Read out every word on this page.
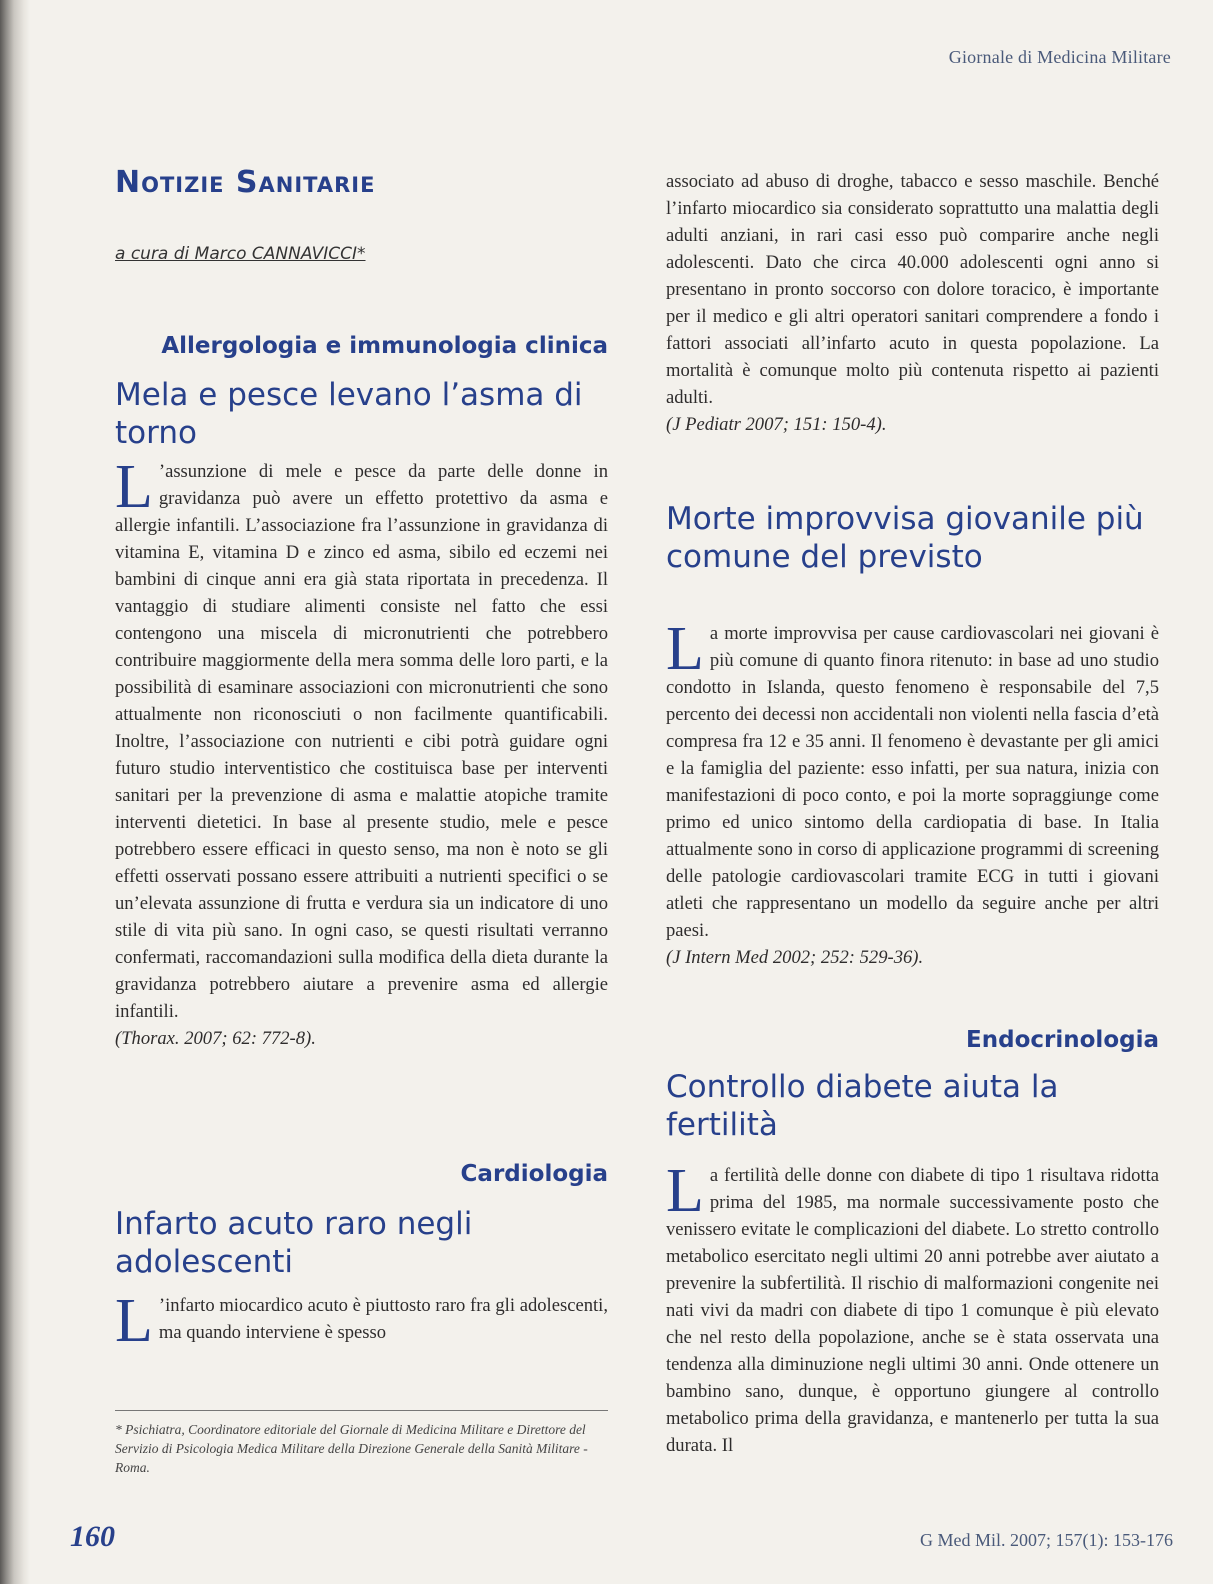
Giornale di Medicina Militare
Notizie Sanitarie
a cura di Marco CANNAVICCI*
Allergologia e immunologia clinica
Mela e pesce levano l’asma di torno

L ’assunzione di mele e pesce da parte delle donne in gravidanza può avere un effetto protettivo da asma e allergie infantili. L’associazione fra l’assunzione in gravidanza di vitamina E, vitamina D e zinco ed asma, sibilo ed eczemi nei bambini di cinque anni era già stata riportata in precedenza. Il vantaggio di studiare alimenti consiste nel fatto che essi contengono una miscela di micronutrienti che potrebbero contribuire maggiormente della mera somma delle loro parti, e la possibilità di esaminare associazioni con micronutrienti che sono attualmente non riconosciuti o non facilmente quantificabili. Inoltre, l’associazione con nutrienti e cibi potrà guidare ogni futuro studio interventistico che costituisca base per interventi sanitari per la prevenzione di asma e malattie atopiche tramite interventi dietetici. In base al presente studio, mele e pesce potrebbero essere efficaci in questo senso, ma non è noto se gli effetti osservati possano essere attribuiti a nutrienti specifici o se un’elevata assunzione di frutta e verdura sia un indicatore di uno stile di vita più sano. In ogni caso, se questi risultati verranno confermati, raccomandazioni sulla modifica della dieta durante la gravidanza potrebbero aiutare a prevenire asma ed allergie infantili.
(Thorax. 2007; 62: 772-8).

Cardiologia
Infarto acuto raro negli adolescenti

L ’infarto miocardico acuto è piuttosto raro fra gli adolescenti, ma quando interviene è spesso

* Psichiatra, Coordinatore editoriale del Giornale di Medicina Militare e Direttore del Servizio di Psicologia Medica Militare della Direzione Generale della Sanità Militare - Roma.

associato ad abuso di droghe, tabacco e sesso maschile. Benché l’infarto miocardico sia considerato soprattutto una malattia degli adulti anziani, in rari casi esso può comparire anche negli adolescenti. Dato che circa 40.000 adolescenti ogni anno si presentano in pronto soccorso con dolore toracico, è importante per il medico e gli altri operatori sanitari comprendere a fondo i fattori associati all’infarto acuto in questa popolazione. La mortalità è comunque molto più contenuta rispetto ai pazienti adulti.
(J Pediatr 2007; 151: 150-4).

Morte improvvisa giovanile più comune del previsto

La morte improvvisa per cause cardiovascolari nei giovani è più comune di quanto finora ritenuto: in base ad uno studio condotto in Islanda, questo fenomeno è responsabile del 7,5 percento dei decessi non accidentali non violenti nella fascia d’età compresa fra 12 e 35 anni. Il fenomeno è devastante per gli amici e la famiglia del paziente: esso infatti, per sua natura, inizia con manifestazioni di poco conto, e poi la morte sopraggiunge come primo ed unico sintomo della cardiopatia di base. In Italia attualmente sono in corso di applicazione programmi di screening delle patologie cardiovascolari tramite ECG in tutti i giovani atleti che rappresentano un modello da seguire anche per altri paesi.
(J Intern Med 2002; 252: 529-36).

Endocrinologia
Controllo diabete aiuta la fertilità

La fertilità delle donne con diabete di tipo 1 risultava ridotta prima del 1985, ma normale successivamente posto che venissero evitate le complicazioni del diabete. Lo stretto controllo metabolico esercitato negli ultimi 20 anni potrebbe aver aiutato a prevenire la subfertilità. Il rischio di malformazioni congenite nei nati vivi da madri con diabete di tipo 1 comunque è più elevato che nel resto della popolazione, anche se è stata osservata una tendenza alla diminuzione negli ultimi 30 anni. Onde ottenere un bambino sano, dunque, è opportuno giungere al controllo metabolico prima della gravidanza, e mantenerlo per tutta la sua durata. Il

160	G Med Mil. 2007; 157(1): 153-176
